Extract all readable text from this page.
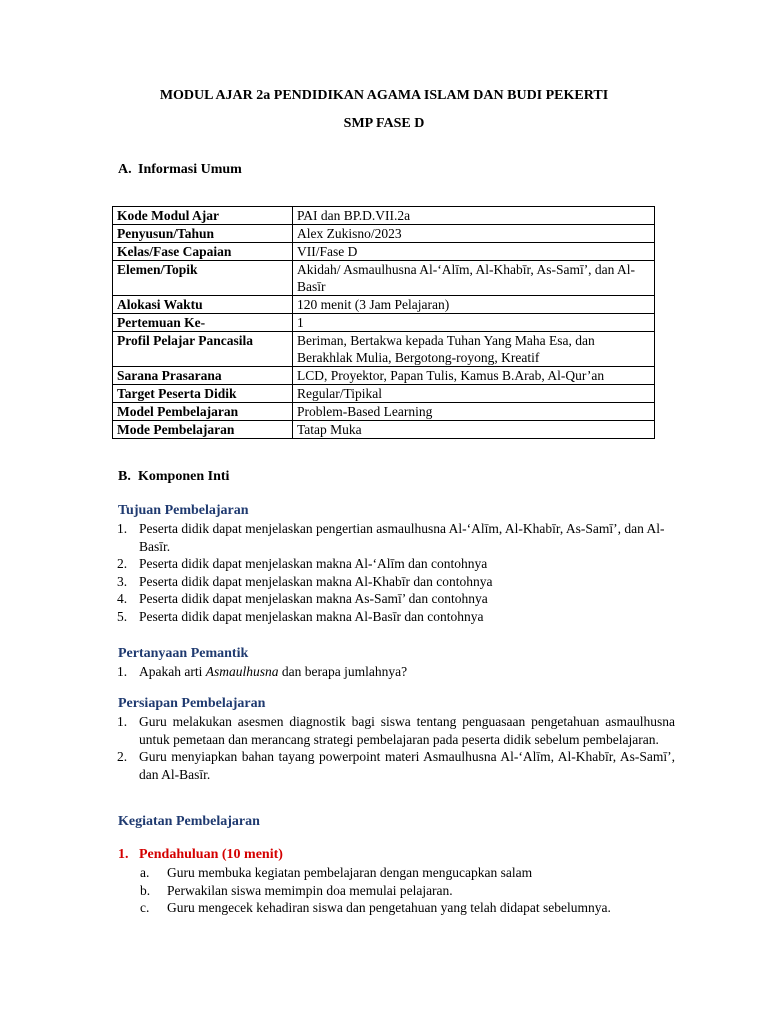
MODUL AJAR 2a PENDIDIKAN AGAMA ISLAM DAN BUDI PEKERTI
SMP FASE D
A. Informasi Umum
Kode Modul Ajar	PAI dan BP.D.VII.2a
Penyusun/Tahun	Alex Zukisno/2023
Kelas/Fase Capaian	VII/Fase D
Elemen/Topik	Akidah/ Asmaulhusna Al-‘Alīm, Al-Khabīr, As-Samī’, dan Al-Basīr
Alokasi Waktu	120 menit (3 Jam Pelajaran)
Pertemuan Ke-	1
Profil Pelajar Pancasila	Beriman, Bertakwa kepada Tuhan Yang Maha Esa, dan Berakhlak Mulia, Bergotong-royong, Kreatif
Sarana Prasarana	LCD, Proyektor, Papan Tulis, Kamus B.Arab, Al-Qur’an
Target Peserta Didik	Regular/Tipikal
Model Pembelajaran	Problem-Based Learning
Mode Pembelajaran	Tatap Muka
B. Komponen Inti
Tujuan Pembelajaran
1. Peserta didik dapat menjelaskan pengertian asmaulhusna Al-‘Alīm, Al-Khabīr, As-Samī’, dan Al-Basīr.
2. Peserta didik dapat menjelaskan makna Al-‘Alīm dan contohnya
3. Peserta didik dapat menjelaskan makna Al-Khabīr dan contohnya
4. Peserta didik dapat menjelaskan makna As-Samī’ dan contohnya
5. Peserta didik dapat menjelaskan makna Al-Basīr dan contohnya
Pertanyaan Pemantik
1. Apakah arti Asmaulhusna dan berapa jumlahnya?
Persiapan Pembelajaran
1. Guru melakukan asesmen diagnostik bagi siswa tentang penguasaan pengetahuan asmaulhusna untuk pemetaan dan merancang strategi pembelajaran pada peserta didik sebelum pembelajaran.
2. Guru menyiapkan bahan tayang powerpoint materi Asmaulhusna Al-‘Alīm, Al-Khabīr, As-Samī’, dan Al-Basīr.
Kegiatan Pembelajaran
1. Pendahuluan (10 menit)
a. Guru membuka kegiatan pembelajaran dengan mengucapkan salam
b. Perwakilan siswa memimpin doa memulai pelajaran.
c. Guru mengecek kehadiran siswa dan pengetahuan yang telah didapat sebelumnya.
